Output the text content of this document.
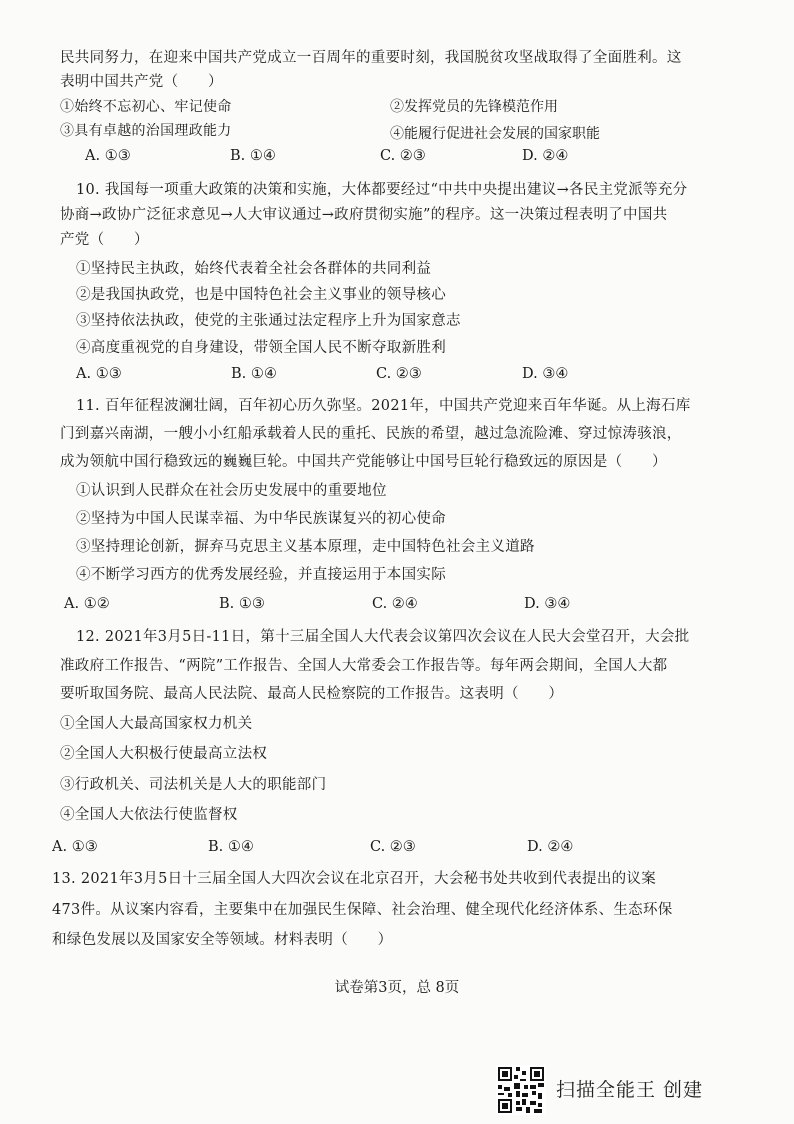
民共同努力，在迎来中国共产党成立一百周年的重要时刻，我国脱贫攻坚战取得了全面胜利。这
表明中国共产党（　　）
①始终不忘初心、牢记使命	②发挥党员的先锋模范作用
③具有卓越的治国理政能力	④能履行促进社会发展的国家职能
A. ①③	B. ①④	C. ②③	D. ②④
10. 我国每一项重大政策的决策和实施，大体都要经过“中共中央提出建议→各民主党派等充分
协商→政协广泛征求意见→人大审议通过→政府贯彻实施”的程序。这一决策过程表明了中国共
产党（　　）
①坚持民主执政，始终代表着全社会各群体的共同利益
②是我国执政党，也是中国特色社会主义事业的领导核心
③坚持依法执政，使党的主张通过法定程序上升为国家意志
④高度重视党的自身建设，带领全国人民不断夺取新胜利
A. ①③	B. ①④	C. ②③	D. ③④
11. 百年征程波澜壮阔，百年初心历久弥坚。2021年，中国共产党迎来百年华诞。从上海石库
门到嘉兴南湖，一艘小小红船承载着人民的重托、民族的希望，越过急流险滩、穿过惊涛骇浪，
成为领航中国行稳致远的巍巍巨轮。中国共产党能够让中国号巨轮行稳致远的原因是（　　）
①认识到人民群众在社会历史发展中的重要地位
②坚持为中国人民谋幸福、为中华民族谋复兴的初心使命
③坚持理论创新，摒弃马克思主义基本原理，走中国特色社会主义道路
④不断学习西方的优秀发展经验，并直接运用于本国实际
A. ①②	B. ①③	C. ②④	D. ③④
12. 2021年3月5日-11日，第十三届全国人大代表会议第四次会议在人民大会堂召开，大会批
准政府工作报告、“两院”工作报告、全国人大常委会工作报告等。每年两会期间，全国人大都
要听取国务院、最高人民法院、最高人民检察院的工作报告。这表明（　　）
①全国人大最高国家权力机关
②全国人大积极行使最高立法权
③行政机关、司法机关是人大的职能部门
④全国人大依法行使监督权
A. ①③	B. ①④	C. ②③	D. ②④
13. 2021年3月5日十三届全国人大四次会议在北京召开，大会秘书处共收到代表提出的议案
473件。从议案内容看，主要集中在加强民生保障、社会治理、健全现代化经济体系、生态环保
和绿色发展以及国家安全等领域。材料表明（　　）
试卷第3页，总 8页
扫描全能王 创建
